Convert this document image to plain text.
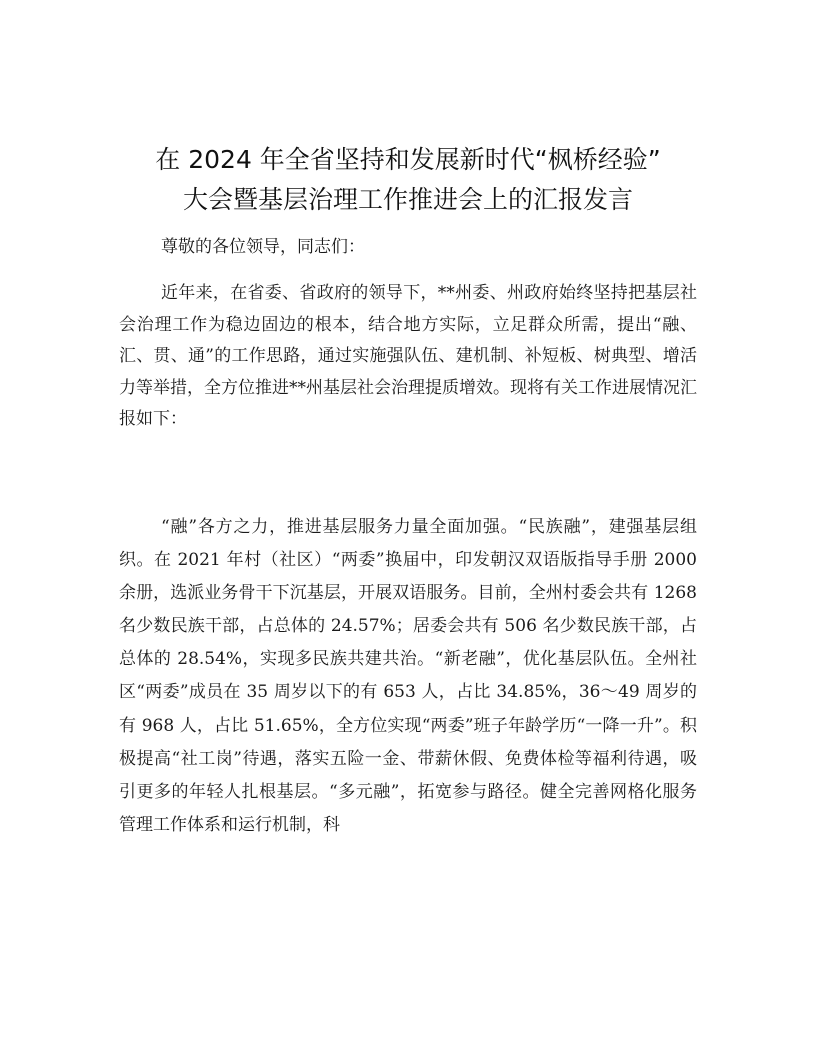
在 2024 年全省坚持和发展新时代“枫桥经验”
大会暨基层治理工作推进会上的汇报发言
尊敬的各位领导，同志们：
近年来，在省委、省政府的领导下，**州委、州政府始终坚持把基层社会治理工作为稳边固边的根本，结合地方实际，立足群众所需，提出“融、汇、贯、通”的工作思路，通过实施强队伍、建机制、补短板、树典型、增活力等举措，全方位推进**州基层社会治理提质增效。现将有关工作进展情况汇报如下：
“融”各方之力，推进基层服务力量全面加强。“民族融”，建强基层组织。在 2021 年村（社区）“两委”换届中，印发朝汉双语版指导手册 2000 余册，选派业务骨干下沉基层，开展双语服务。目前，全州村委会共有 1268 名少数民族干部，占总体的 24.57%；居委会共有 506 名少数民族干部，占总体的 28.54%，实现多民族共建共治。“新老融”，优化基层队伍。全州社区“两委”成员在 35 周岁以下的有 653 人，占比 34.85%，36～49 周岁的有 968 人，占比 51.65%，全方位实现“两委”班子年龄学历“一降一升”。积极提高“社工岗”待遇，落实五险一金、带薪休假、免费体检等福利待遇，吸引更多的年轻人扎根基层。“多元融”，拓宽参与路径。健全完善网格化服务管理工作体系和运行机制，科
